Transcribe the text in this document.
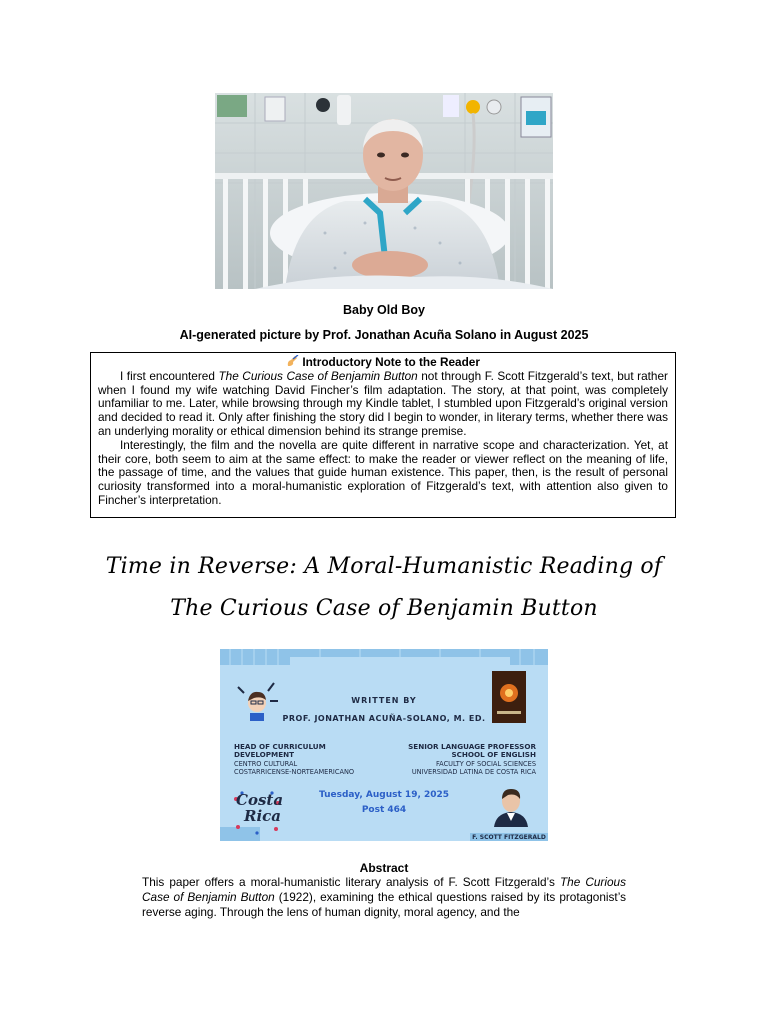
Baby Old Boy
AI-generated picture by Prof. Jonathan Acuña Solano in August 2025
Introductory Note to the Reader

I first encountered The Curious Case of Benjamin Button not through F. Scott Fitzgerald’s text, but rather when I found my wife watching David Fincher’s film adaptation. The story, at that point, was completely unfamiliar to me. Later, while browsing through my Kindle tablet, I stumbled upon Fitzgerald’s original version and decided to read it. Only after finishing the story did I begin to wonder, in literary terms, whether there was an underlying morality or ethical dimension behind its strange premise.

Interestingly, the film and the novella are quite different in narrative scope and characterization. Yet, at their core, both seem to aim at the same effect: to make the reader or viewer reflect on the meaning of life, the passage of time, and the values that guide human existence. This paper, then, is the result of personal curiosity transformed into a moral-humanistic exploration of Fitzgerald’s text, with attention also given to Fincher’s interpretation.

Time in Reverse: A Moral-Humanistic Reading of
The Curious Case of Benjamin Button
WRITTEN BY
PROF. JONATHAN ACUÑA-SOLANO, M. ED.
HEAD OF CURRICULUM
DEVELOPMENT
CENTRO CULTURAL
COSTARRICENSE-NORTEAMERICANO
SENIOR LANGUAGE PROFESSOR
SCHOOL OF ENGLISH
FACULTY OF SOCIAL SCIENCES
UNIVERSIDAD LATINA DE COSTA RICA
Tuesday, August 19, 2025
Post 464
Costa
Rica
F. SCOTT FITZGERALD
Abstract
This paper offers a moral-humanistic literary analysis of F. Scott Fitzgerald’s The Curious Case of Benjamin Button (1922), examining the ethical questions raised by its protagonist’s reverse aging. Through the lens of human dignity, moral agency, and the
